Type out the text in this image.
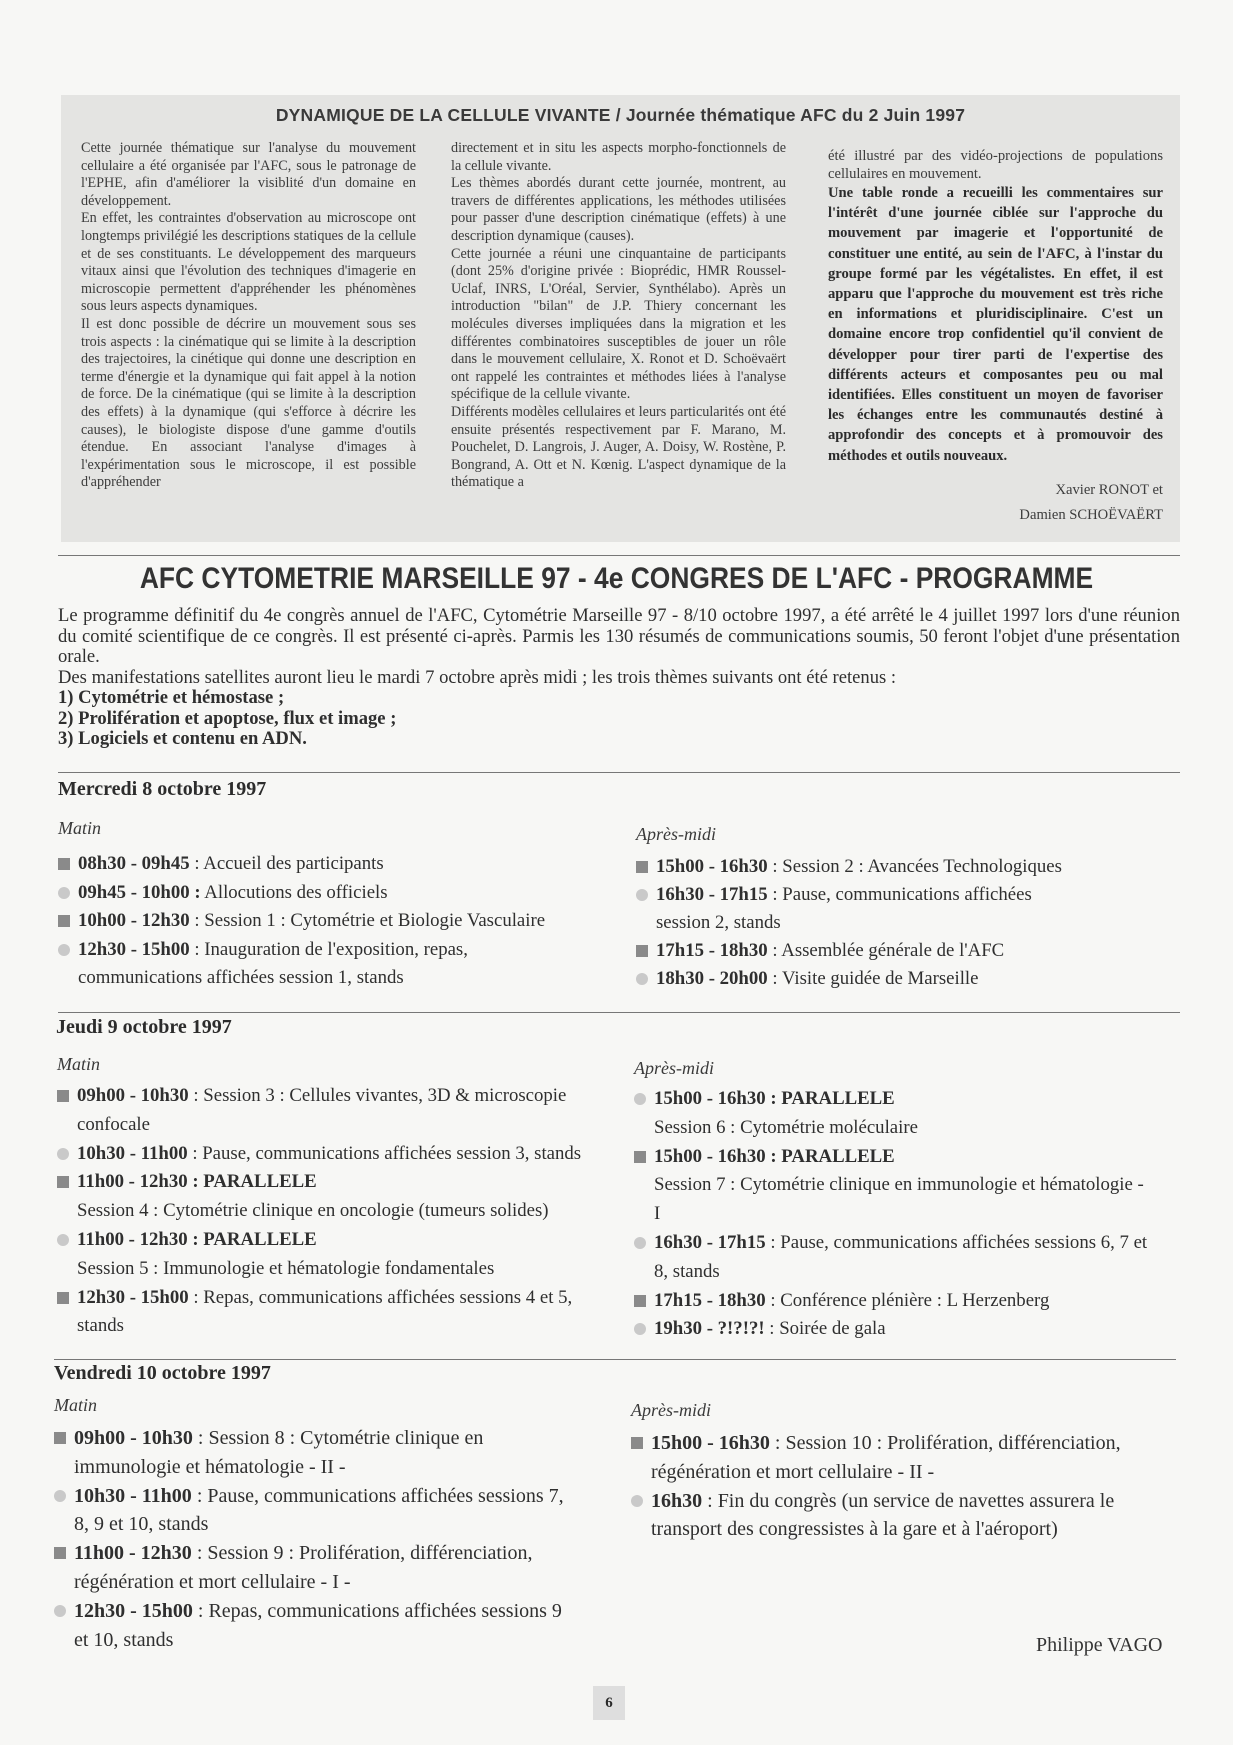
DYNAMIQUE DE LA CELLULE VIVANTE / Journée thématique AFC du 2 Juin 1997

Cette journée thématique sur l'analyse du mouvement cellulaire a été organisée par l'AFC, sous le patronage de l'EPHE, afin d'améliorer la visiblité d'un domaine en développement.

En effet, les contraintes d'observation au microscope ont longtemps privilégié les descriptions statiques de la cellule et de ses constituants. Le développement des marqueurs vitaux ainsi que l'évolution des techniques d'imagerie en microscopie permettent d'appréhender les phénomènes sous leurs aspects dynamiques.

Il est donc possible de décrire un mouvement sous ses trois aspects : la cinématique qui se limite à la description des trajectoires, la cinétique qui donne une description en terme d'énergie et la dynamique qui fait appel à la notion de force. De la cinématique (qui se limite à la description des effets) à la dynamique (qui s'efforce à décrire les causes), le biologiste dispose d'une gamme d'outils étendue. En associant l'analyse d'images à l'expérimentation sous le microscope, il est possible d'appréhender

directement et in situ les aspects morpho-fonctionnels de la cellule vivante.

Les thèmes abordés durant cette journée, montrent, au travers de différentes applications, les méthodes utilisées pour passer d'une description cinématique (effets) à une description dynamique (causes).

Cette journée a réuni une cinquantaine de participants (dont 25% d'origine privée : Bioprédic, HMR Roussel-Uclaf, INRS, L'Oréal, Servier, Synthélabo). Après un introduction "bilan" de J.P. Thiery concernant les molécules diverses impliquées dans la migration et les différentes combinatoires susceptibles de jouer un rôle dans le mouvement cellulaire, X. Ronot et D. Schoëvaërt ont rappelé les contraintes et méthodes liées à l'analyse spécifique de la cellule vivante.

Différents modèles cellulaires et leurs particularités ont été ensuite présentés respectivement par F. Marano, M. Pouchelet, D. Langrois, J. Auger, A. Doisy, W. Rostène, P. Bongrand, A. Ott et N. Kœnig. L'aspect dynamique de la thématique a

été illustré par des vidéo-projections de populations cellulaires en mouvement.

Une table ronde a recueilli les commentaires sur l'intérêt d'une journée ciblée sur l'approche du mouvement par imagerie et l'opportunité de constituer une entité, au sein de l'AFC, à l'instar du groupe formé par les végétalistes. En effet, il est apparu que l'approche du mouvement est très riche en informations et pluridisciplinaire. C'est un domaine encore trop confidentiel qu'il convient de développer pour tirer parti de l'expertise des différents acteurs et composantes peu ou mal identifiées. Elles constituent un moyen de favoriser les échanges entre les communautés destiné à approfondir des concepts et à promouvoir des méthodes et outils nouveaux.

Xavier RONOT et
Damien SCHOËVAËRT
AFC CYTOMETRIE MARSEILLE 97 - 4e CONGRES DE L'AFC - PROGRAMME

Le programme définitif du 4e congrès annuel de l'AFC, Cytométrie Marseille 97 - 8/10 octobre 1997, a été arrêté le 4 juillet 1997 lors d'une réunion du comité scientifique de ce congrès. Il est présenté ci-après. Parmis les 130 résumés de communications soumis, 50 feront l'objet d'une présentation orale.

Des manifestations satellites auront lieu le mardi 7 octobre après midi ; les trois thèmes suivants ont été retenus :

1) Cytométrie et hémostase ;
2) Prolifération et apoptose, flux et image ;
3) Logiciels et contenu en ADN.
Mercredi 8 octobre 1997
Matin
08h30 - 09h45 : Accueil des participants
09h45 - 10h00 : Allocutions des officiels
10h00 - 12h30 : Session 1 : Cytométrie et Biologie Vasculaire
12h30 - 15h00 : Inauguration de l'exposition, repas, communications affichées session 1, stands
Après-midi
15h00 - 16h30 : Session 2 : Avancées Technologiques
16h30 - 17h15 : Pause, communications affichées session 2, stands
17h15 - 18h30 : Assemblée générale de l'AFC
18h30 - 20h00 : Visite guidée de Marseille
Jeudi 9 octobre 1997
Matin
09h00 - 10h30 : Session 3 : Cellules vivantes, 3D & microscopie confocale
10h30 - 11h00 : Pause, communications affichées session 3, stands
11h00 - 12h30 : PARALLELE
Session 4 : Cytométrie clinique en oncologie (tumeurs solides)
11h00 - 12h30 : PARALLELE
Session 5 : Immunologie et hématologie fondamentales
12h30 - 15h00 : Repas, communications affichées sessions 4 et 5, stands
Après-midi
15h00 - 16h30 : PARALLELE
Session 6 : Cytométrie moléculaire
15h00 - 16h30 : PARALLELE
Session 7 : Cytométrie clinique en immunologie et hématologie - I
16h30 - 17h15 : Pause, communications affichées sessions 6, 7 et 8, stands
17h15 - 18h30 : Conférence plénière : L Herzenberg
19h30 - ?!?!?! : Soirée de gala
Vendredi 10 octobre 1997
Matin
09h00 - 10h30 : Session 8 : Cytométrie clinique en immunologie et hématologie - II -
10h30 - 11h00 : Pause, communications affichées sessions 7, 8, 9 et 10, stands
11h00 - 12h30 : Session 9 : Prolifération, différenciation, régénération et mort cellulaire - I -
12h30 - 15h00 : Repas, communications affichées sessions 9 et 10, stands
Après-midi
15h00 - 16h30 : Session 10 : Prolifération, différenciation, régénération et mort cellulaire - II -
16h30 : Fin du congrès (un service de navettes assurera le transport des congressistes à la gare et à l'aéroport)
Philippe VAGO
6
